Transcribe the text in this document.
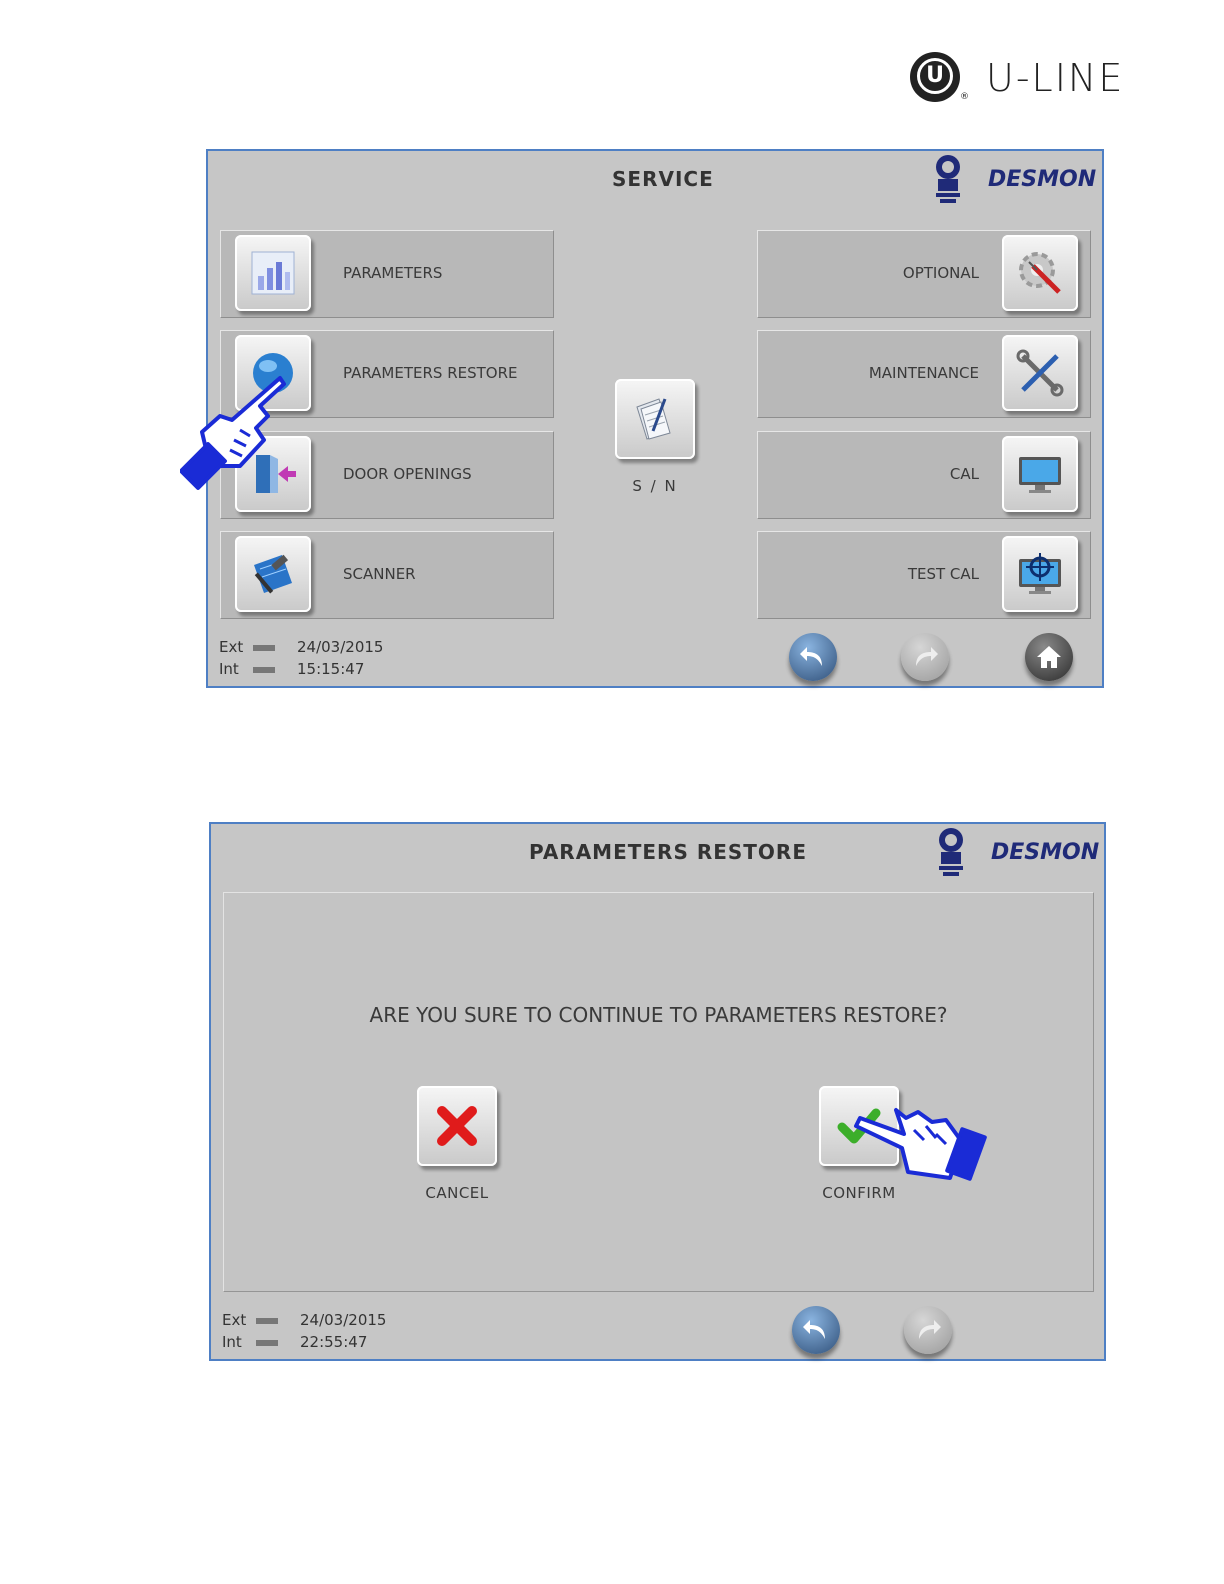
U
® U-LINE
SERVICE	DESMON
PARAMETERS
PARAMETERS RESTORE
DOOR OPENINGS
SCANNER
S / N
OPTIONAL
MAINTENANCE
CAL
TEST CAL
Ext	24/03/2015
Int	15:15:47
PARAMETERS RESTORE	DESMON
ARE YOU SURE TO CONTINUE TO PARAMETERS RESTORE?
CANCEL	CONFIRM
Ext	24/03/2015
Int	22:55:47
